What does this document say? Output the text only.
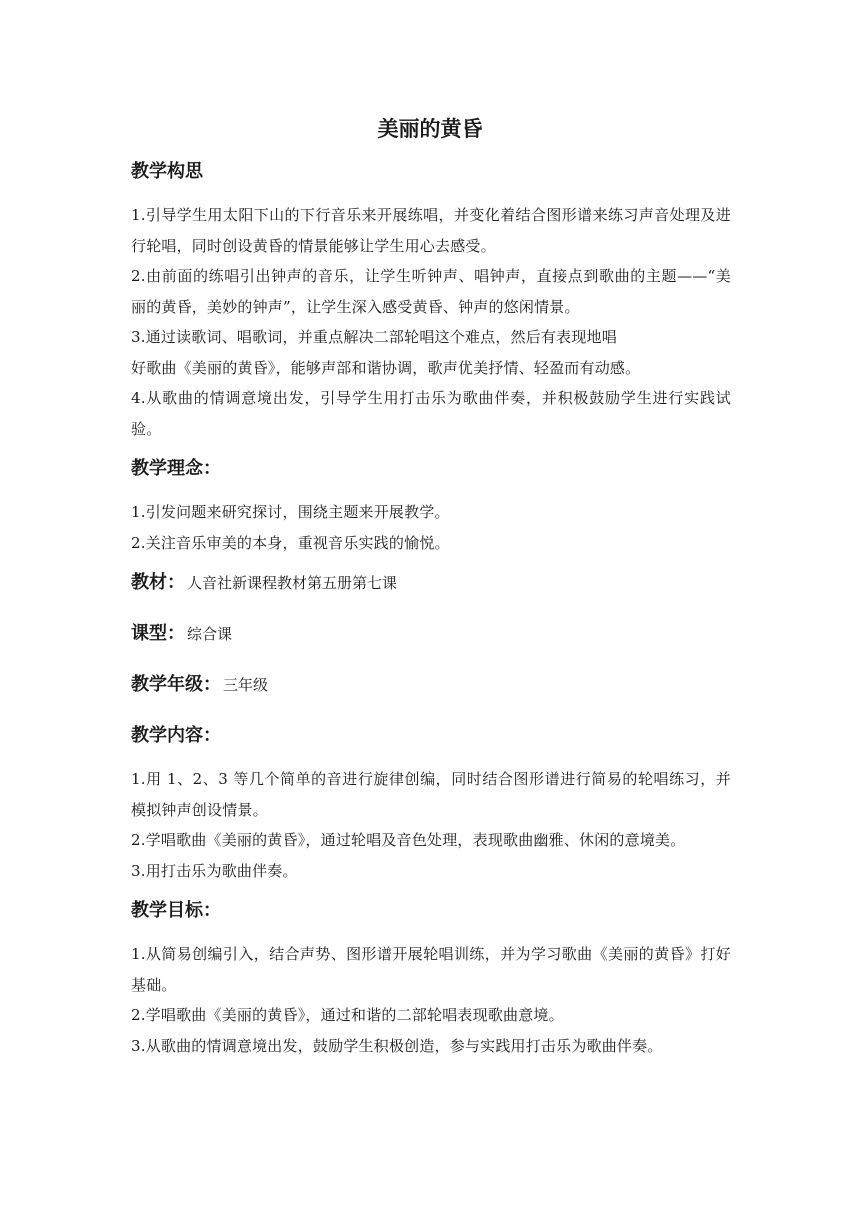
美丽的黄昏
教学构思

1.引导学生用太阳下山的下行音乐来开展练唱，并变化着结合图形谱来练习声音处理及进行轮唱，同时创设黄昏的情景能够让学生用心去感受。

2.由前面的练唱引出钟声的音乐，让学生听钟声、唱钟声，直接点到歌曲的主题——“美丽的黄昏，美妙的钟声”，让学生深入感受黄昏、钟声的悠闲情景。

3.通过读歌词、唱歌词，并重点解决二部轮唱这个难点，然后有表现地唱

好歌曲《美丽的黄昏》，能够声部和谐协调，歌声优美抒情、轻盈而有动感。

4.从歌曲的情调意境出发，引导学生用打击乐为歌曲伴奏，并积极鼓励学生进行实践试验。

教学理念：

1.引发问题来研究探讨，围绕主题来开展教学。

2.关注音乐审美的本身，重视音乐实践的愉悦。

教材： 人音社新课程教材第五册第七课
课型： 综合课
教学年级： 三年级
教学内容：

1.用 1、2、3 等几个简单的音进行旋律创编，同时结合图形谱进行简易的轮唱练习，并模拟钟声创设情景。

2.学唱歌曲《美丽的黄昏》，通过轮唱及音色处理，表现歌曲幽雅、休闲的意境美。

3.用打击乐为歌曲伴奏。

教学目标：

1.从简易创编引入，结合声势、图形谱开展轮唱训练，并为学习歌曲《美丽的黄昏》打好基础。

2.学唱歌曲《美丽的黄昏》，通过和谐的二部轮唱表现歌曲意境。

3.从歌曲的情调意境出发，鼓励学生积极创造，参与实践用打击乐为歌曲伴奏。
